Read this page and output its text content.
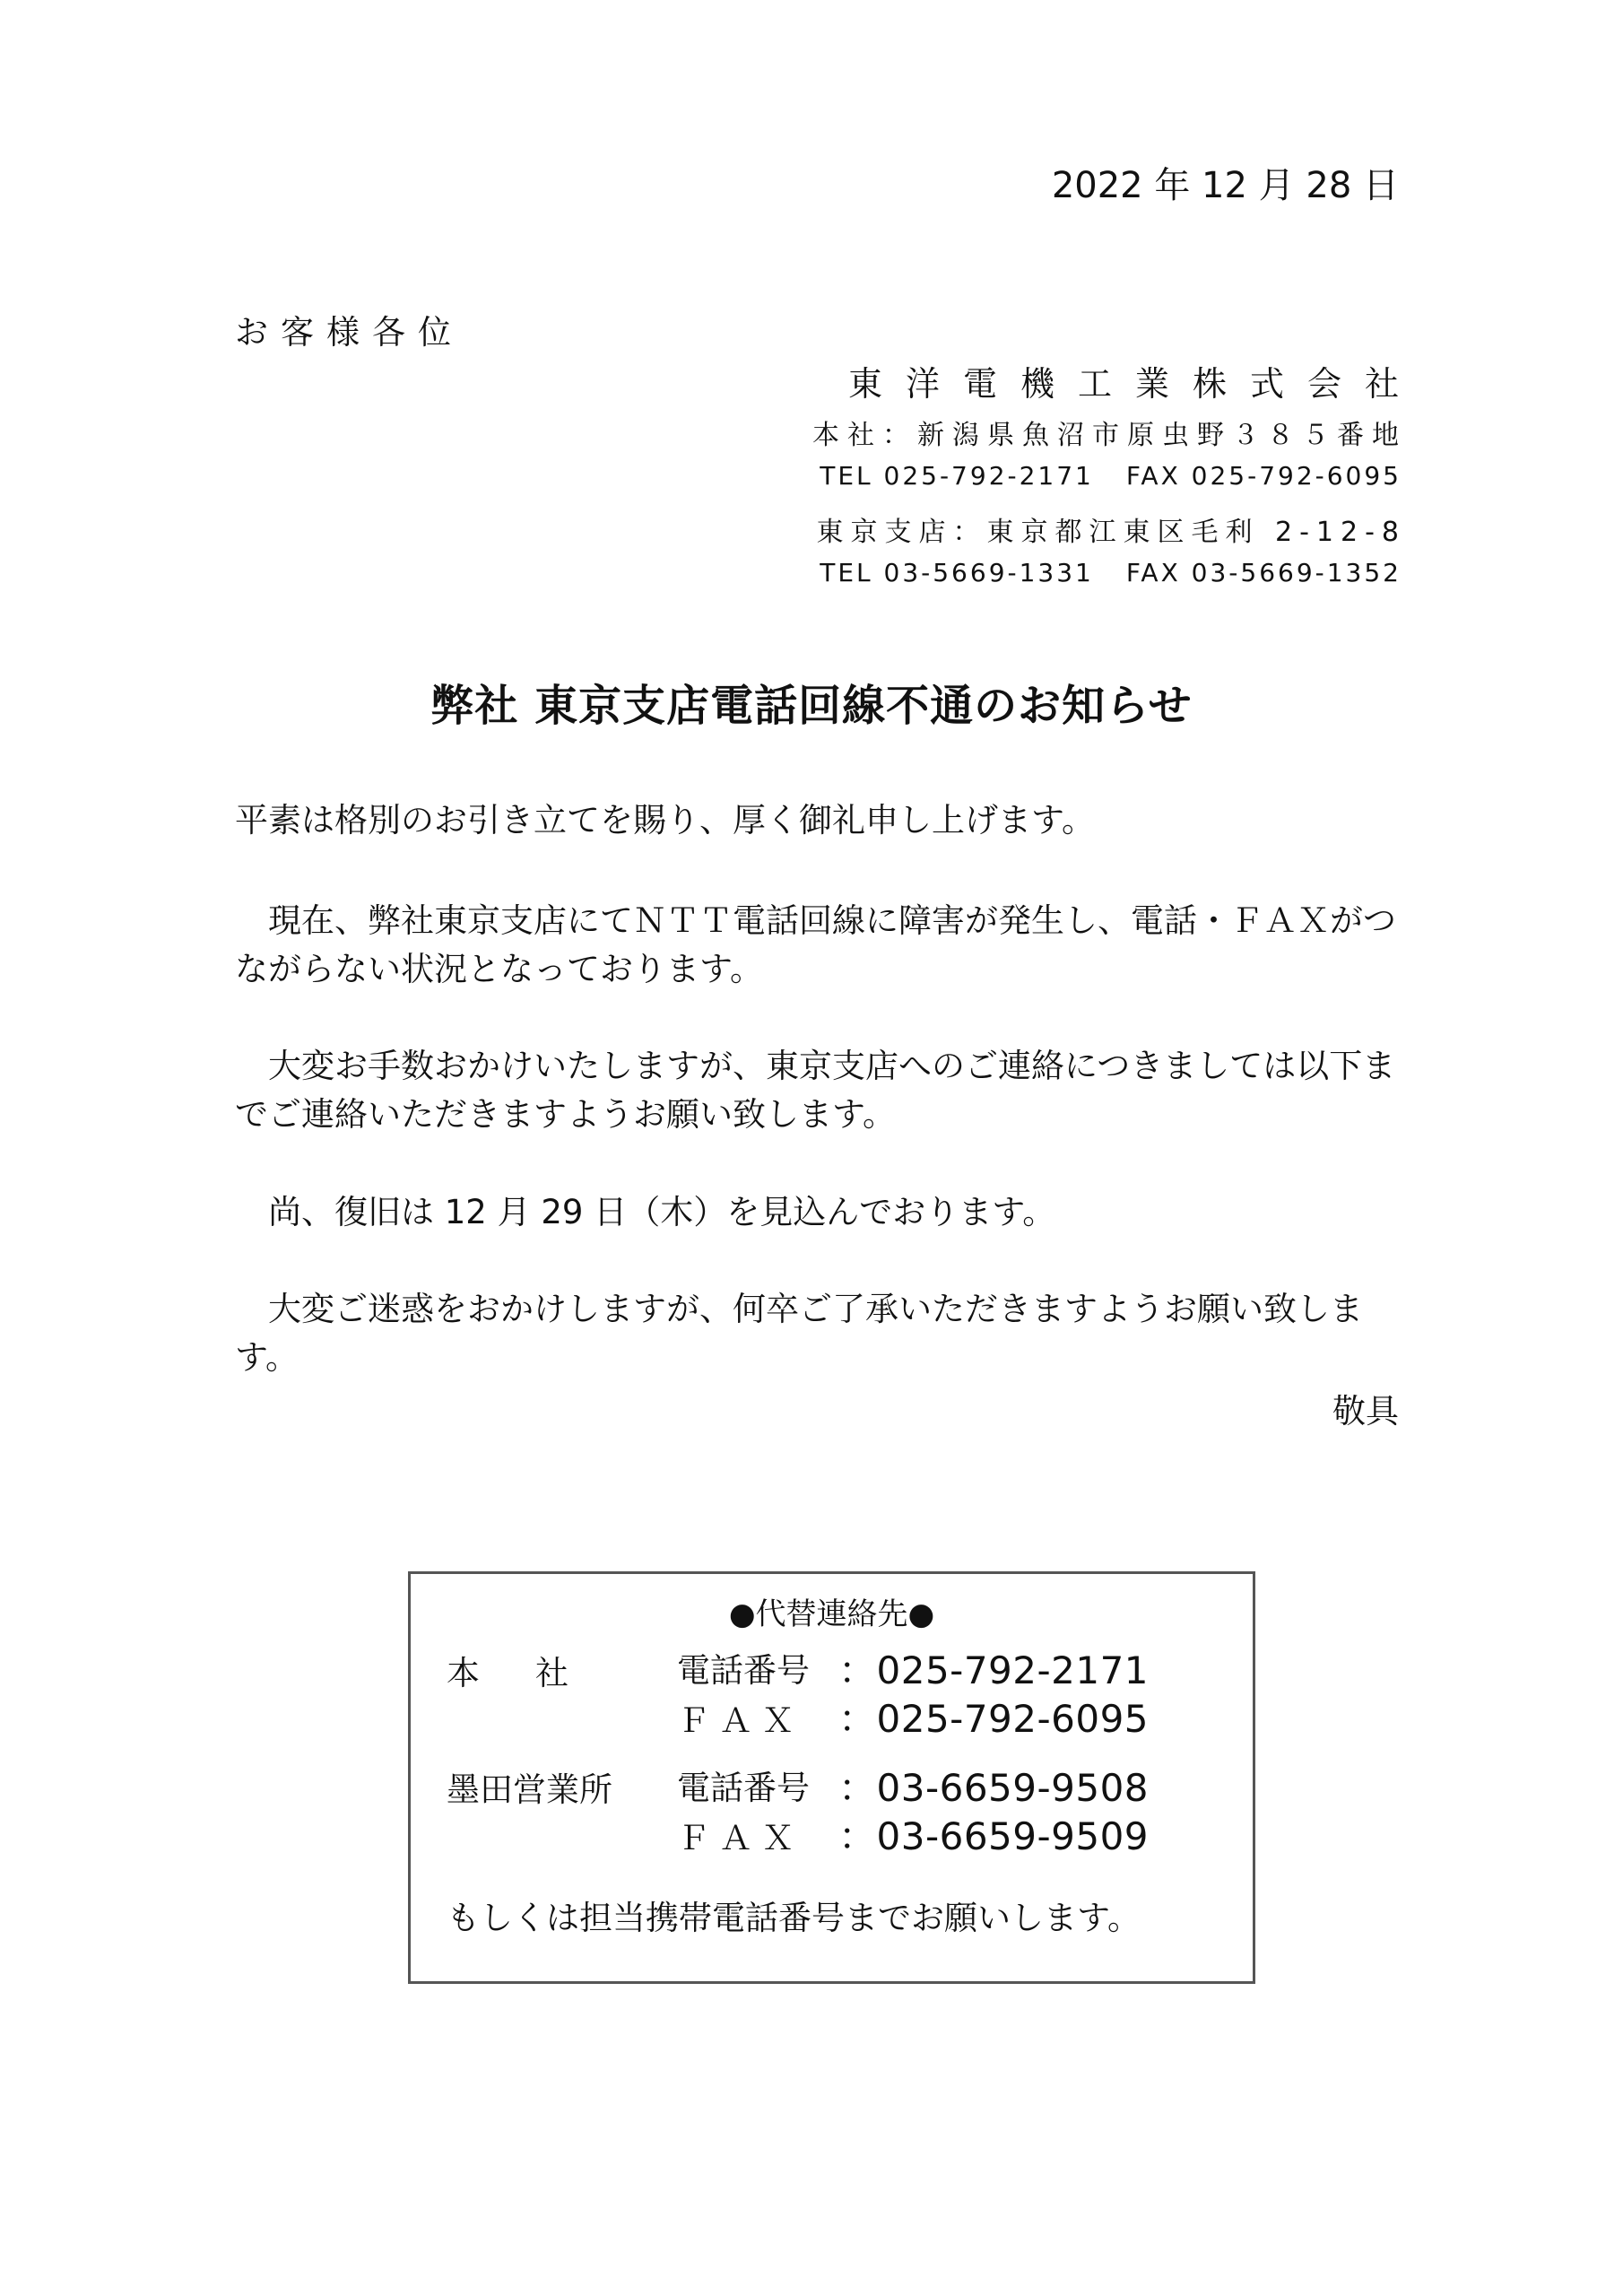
2022 年 12 月 28 日
お客様各位
東洋電機工業株式会社
本社：新潟県魚沼市原虫野３８５番地
TEL 025-792-2171 FAX 025-792-6095
東京支店：東京都江東区毛利 2-12-8
TEL 03-5669-1331 FAX 03-5669-1352
弊社 東京支店電話回線不通のお知らせ
平素は格別のお引き立てを賜り、厚く御礼申し上げます。
　現在、弊社東京支店にてＮＴＴ電話回線に障害が発生し、電話・ＦＡＸがつながらない状況となっております。
　大変お手数おかけいたしますが、東京支店へのご連絡につきましては以下までご連絡いただきますようお願い致します。
　尚、復旧は 12 月 29 日（木）を見込んでおります。
　大変ご迷惑をおかけしますが、何卒ご了承いただきますようお願い致します。
敬具
●代替連絡先●
本社 電話番号 ：025-792-2171
ＦＡＸ ：025-792-6095
墨田営業所 電話番号 ：03-6659-9508
ＦＡＸ ：03-6659-9509
もしくは担当携帯電話番号までお願いします。
